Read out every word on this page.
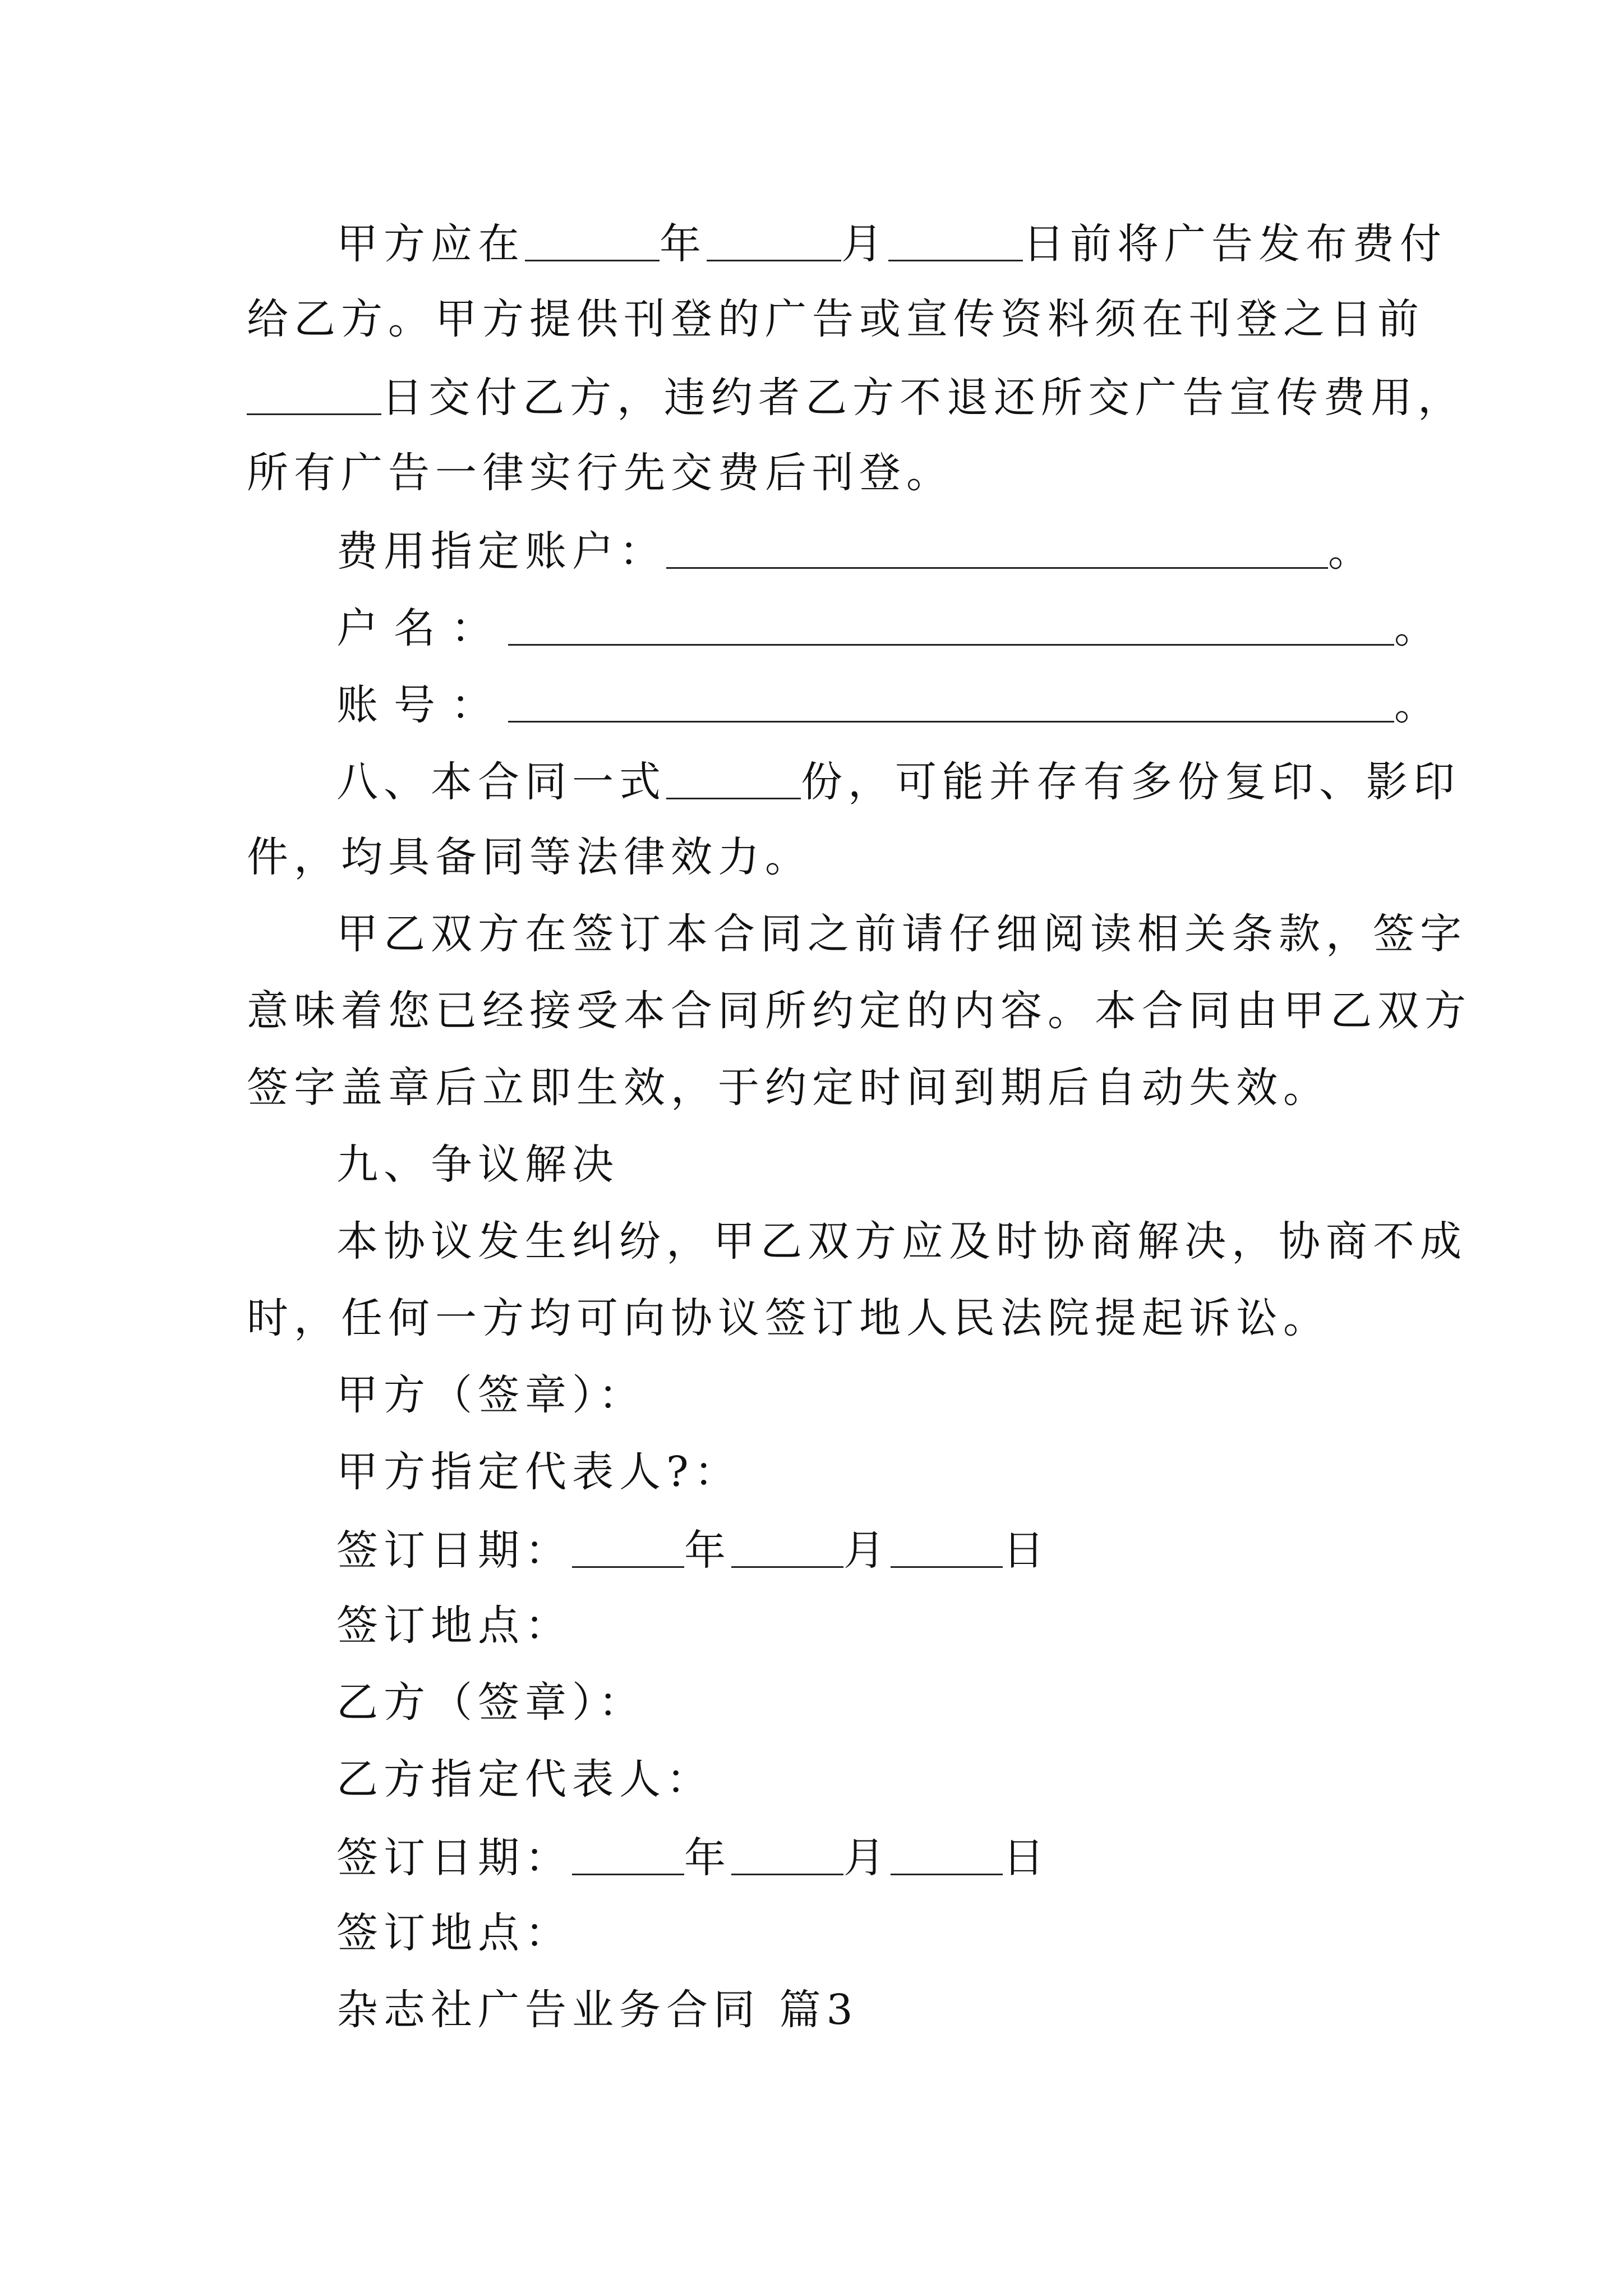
甲方应在	年	月	日前将广告发布费付
给乙方。甲方提供刊登的广告或宣传资料须在刊登之日前
日交付乙方，违约者乙方不退还所交广告宣传费用，
所有广告一律实行先交费后刊登。
费用指定账户：	。
户名：	。
账号：	。
八、本合同一式	份，可能并存有多份复印、影印
件，均具备同等法律效力。
甲乙双方在签订本合同之前请仔细阅读相关条款，签字
意味着您已经接受本合同所约定的内容。本合同由甲乙双方
签字盖章后立即生效，于约定时间到期后自动失效。
九、争议解决
本协议发生纠纷，甲乙双方应及时协商解决，协商不成
时，任何一方均可向协议签订地人民法院提起诉讼。
甲方（签章）：
甲方指定代表人?：
签订日期：	年	月	日
签订地点：
乙方（签章）：
乙方指定代表人：
签订日期：	年	月	日
签订地点：
杂志社广告业务合同 篇3
